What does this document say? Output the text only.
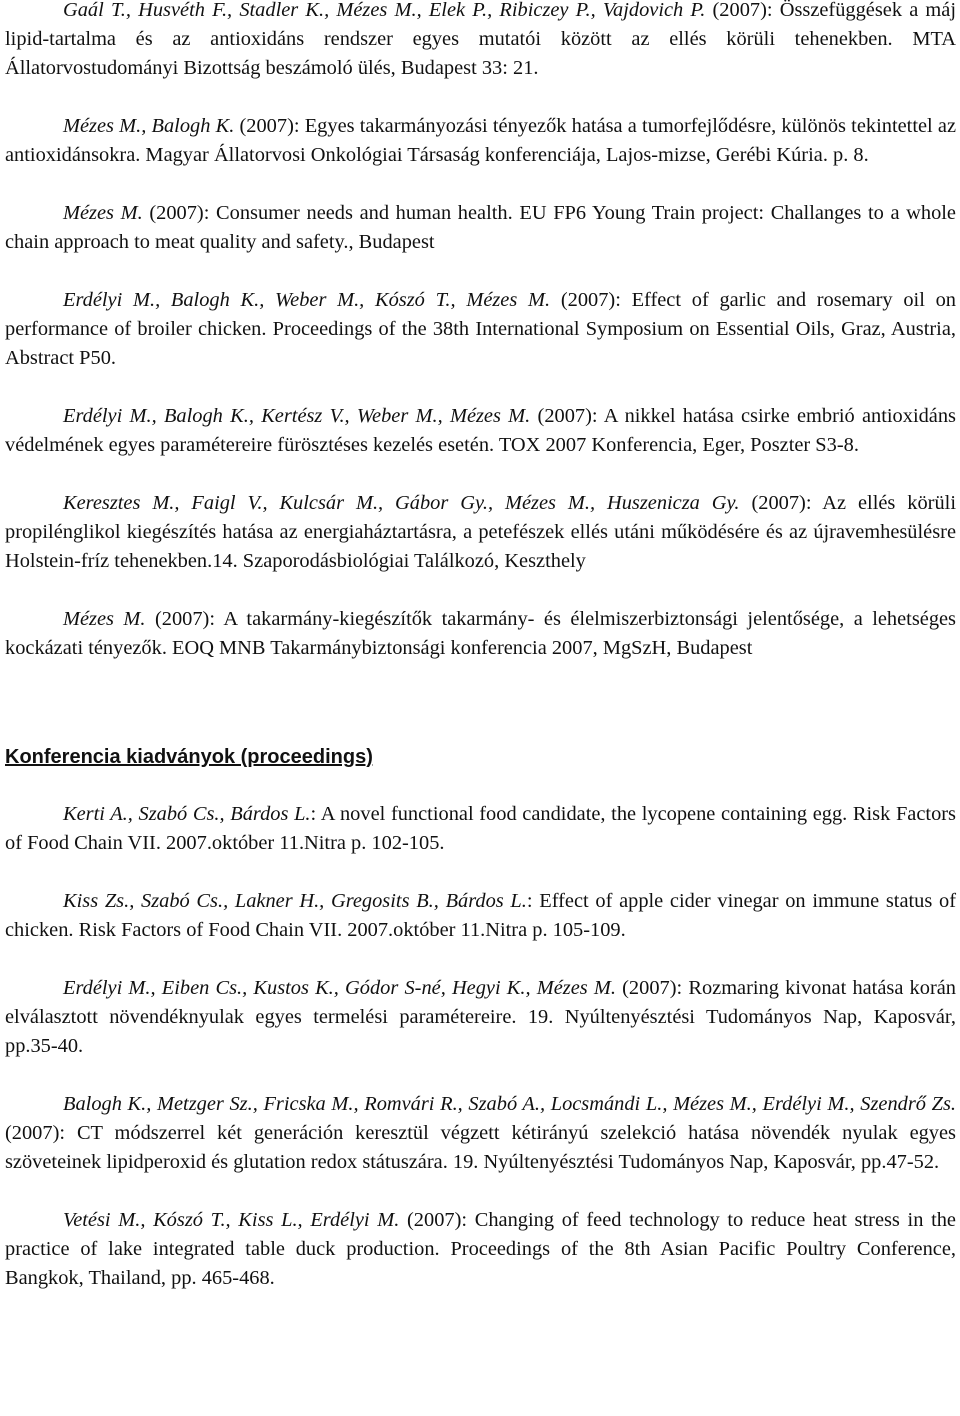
Gaál T., Husvéth F., Stadler K., Mézes M., Elek P., Ribiczey P., Vajdovich P. (2007): Összefüggések a máj lipid-tartalma és az antioxidáns rendszer egyes mutatói között az ellés körüli tehenekben. MTA Állatorvostudományi Bizottság beszámoló ülés, Budapest 33: 21.

Mézes M., Balogh K. (2007): Egyes takarmányozási tényezők hatása a tumorfejlődésre, különös tekintettel az antioxidánsokra. Magyar Állatorvosi Onkológiai Társaság konferenciája, Lajos-mizse, Gerébi Kúria. p. 8.

Mézes M. (2007): Consumer needs and human health. EU FP6 Young Train project: Challanges to a whole chain approach to meat quality and safety., Budapest

Erdélyi M., Balogh K., Weber M., Kószó T., Mézes M. (2007): Effect of garlic and rosemary oil on performance of broiler chicken. Proceedings of the 38th International Symposium on Essential Oils, Graz, Austria, Abstract P50.

Erdélyi M., Balogh K., Kertész V., Weber M., Mézes M. (2007): A nikkel hatása csirke embrió antioxidáns védelmének egyes paramétereire fürösztéses kezelés esetén. TOX 2007 Konferencia, Eger, Poszter S3-8.

Keresztes M., Faigl V., Kulcsár M., Gábor Gy., Mézes M., Huszenicza Gy. (2007): Az ellés körüli propilénglikol kiegészítés hatása az energiaháztartásra, a petefészek ellés utáni működésére és az újravemhesülésre Holstein-fríz tehenekben.14. Szaporodásbiológiai Találkozó, Keszthely

Mézes M. (2007): A takarmány-kiegészítők takarmány- és élelmiszerbiztonsági jelentősége, a lehetséges kockázati tényezők. EOQ MNB Takarmánybiztonsági konferencia 2007, MgSzH, Budapest

Konferencia kiadványok (proceedings)

Kerti A., Szabó Cs., Bárdos L.: A novel functional food candidate, the lycopene containing egg. Risk Factors of Food Chain VII. 2007.október 11.Nitra p. 102-105.

Kiss Zs., Szabó Cs., Lakner H., Gregosits B., Bárdos L.: Effect of apple cider vinegar on immune status of chicken. Risk Factors of Food Chain VII. 2007.október 11.Nitra p. 105-109.

Erdélyi M., Eiben Cs., Kustos K., Gódor S-né, Hegyi K., Mézes M. (2007): Rozmaring kivonat hatása korán elválasztott növendéknyulak egyes termelési paramétereire. 19. Nyúltenyésztési Tudományos Nap, Kaposvár, pp.35-40.

Balogh K., Metzger Sz., Fricska M., Romvári R., Szabó A., Locsmándi L., Mézes M., Erdélyi M., Szendrő Zs. (2007): CT módszerrel két generáción keresztül végzett kétirányú szelekció hatása növendék nyulak egyes szöveteinek lipidperoxid és glutation redox státuszára. 19. Nyúltenyésztési Tudományos Nap, Kaposvár, pp.47-52.

Vetési M., Kószó T., Kiss L., Erdélyi M. (2007): Changing of feed technology to reduce heat stress in the practice of lake integrated table duck production. Proceedings of the 8th Asian Pacific Poultry Conference, Bangkok, Thailand, pp. 465-468.
